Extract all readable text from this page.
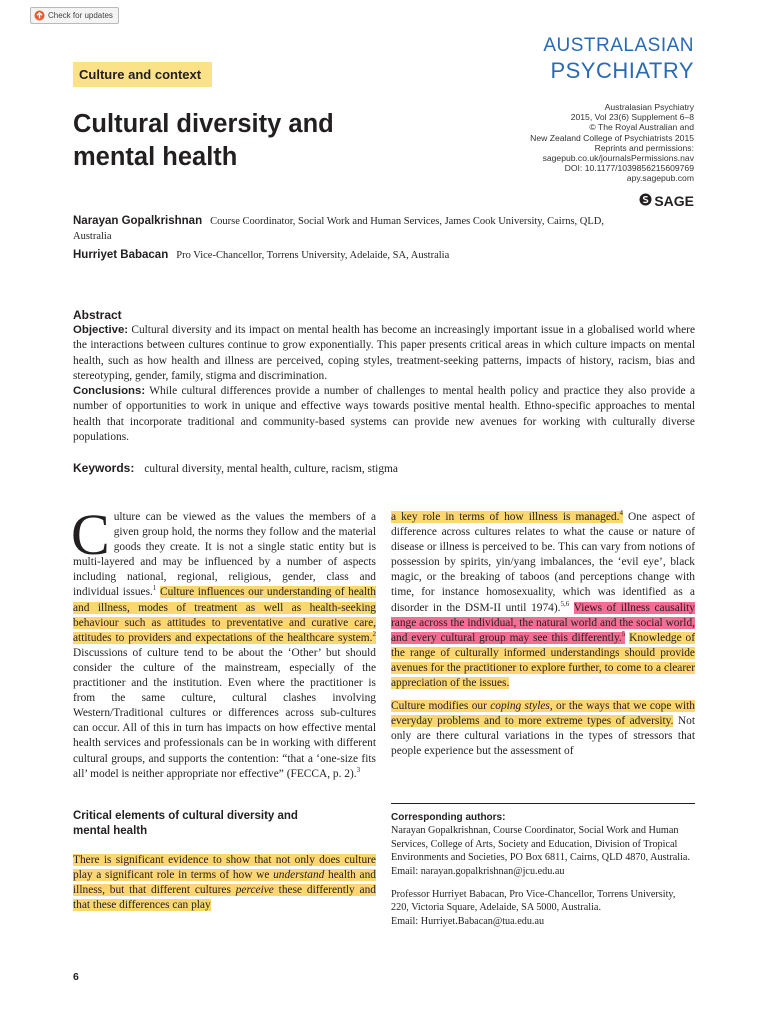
Check for updates
AUSTRALASIAN
PSYCHIATRY
Culture and context
Cultural diversity and
mental health
Australasian Psychiatry
2015, Vol 23(6) Supplement 6–8
© The Royal Australian and
New Zealand College of Psychiatrists 2015
Reprints and permissions:
sagepub.co.uk/journalsPermissions.nav
DOI: 10.1177/1039856215609769
apy.sagepub.com
SAGE
Narayan Gopalkrishnan Course Coordinator, Social Work and Human Services, James Cook University, Cairns, QLD, Australia
Hurriyet Babacan Pro Vice-Chancellor, Torrens University, Adelaide, SA, Australia
Abstract

Objective: Cultural diversity and its impact on mental health has become an increasingly important issue in a globalised world where the interactions between cultures continue to grow exponentially. This paper presents critical areas in which culture impacts on mental health, such as how health and illness are perceived, coping styles, treatment-seeking patterns, impacts of history, racism, bias and stereotyping, gender, family, stigma and discrimination.

Conclusions: While cultural differences provide a number of challenges to mental health policy and practice they also provide a number of opportunities to work in unique and effective ways towards positive mental health. Ethno-specific approaches to mental health that incorporate traditional and community-based systems can provide new avenues for working with culturally diverse populations.

Keywords: cultural diversity, mental health, culture, racism, stigma

Culture can be viewed as the values the members of a given group hold, the norms they follow and the material goods they create. It is not a single static entity but is multi-layered and may be influenced by a number of aspects including national, regional, religious, gender, class and individual issues.$^1$ Culture influences our understanding of health and illness, modes of treatment as well as health-seeking behaviour such as attitudes to preventative and curative care, attitudes to providers and expectations of the healthcare system.$^2$ Discussions of culture tend to be about the ‘Other’ but should consider the culture of the mainstream, especially of the practitioner and the institution. Even where the practitioner is from the same culture, cultural clashes involving Western/Traditional cultures or differences across sub-cultures can occur. All of this in turn has impacts on how effective mental health services and professionals can be in working with different cultural groups, and supports the contention: “that a ‘one-size fits all’ model is neither appropriate nor effective” (FECCA, p. 2).$^3$

Critical elements of cultural diversity and
mental health

There is significant evidence to show that not only does culture play a significant role in terms of how we understand health and illness, but that different cultures perceive these differently and that these differences can play

a key role in terms of how illness is managed.$^4$ One aspect of difference across cultures relates to what the cause or nature of disease or illness is perceived to be. This can vary from notions of possession by spirits, yin/yang imbalances, the ‘evil eye’, black magic, or the breaking of taboos (and perceptions change with time, for instance homosexuality, which was identified as a disorder in the DSM-II until 1974).$^{5,6}$ Views of illness causality range across the individual, the natural world and the social world, and every cultural group may see this differently.$^5$ Knowledge of the range of culturally informed understandings should provide avenues for the practitioner to explore further, to come to a clearer appreciation of the issues.

Culture modifies our coping styles, or the ways that we cope with everyday problems and to more extreme types of adversity. Not only are there cultural variations in the types of stressors that people experience but the assessment of

Corresponding authors:

Narayan Gopalkrishnan, Course Coordinator, Social Work and Human Services, College of Arts, Society and Education, Division of Tropical Environments and Societies, PO Box 6811, Cairns, QLD 4870, Australia.

Email: narayan.gopalkrishnan@jcu.edu.au

Professor Hurriyet Babacan, Pro Vice-Chancellor, Torrens University, 220, Victoria Square, Adelaide, SA 5000, Australia.

Email: Hurriyet.Babacan@tua.edu.au

6
